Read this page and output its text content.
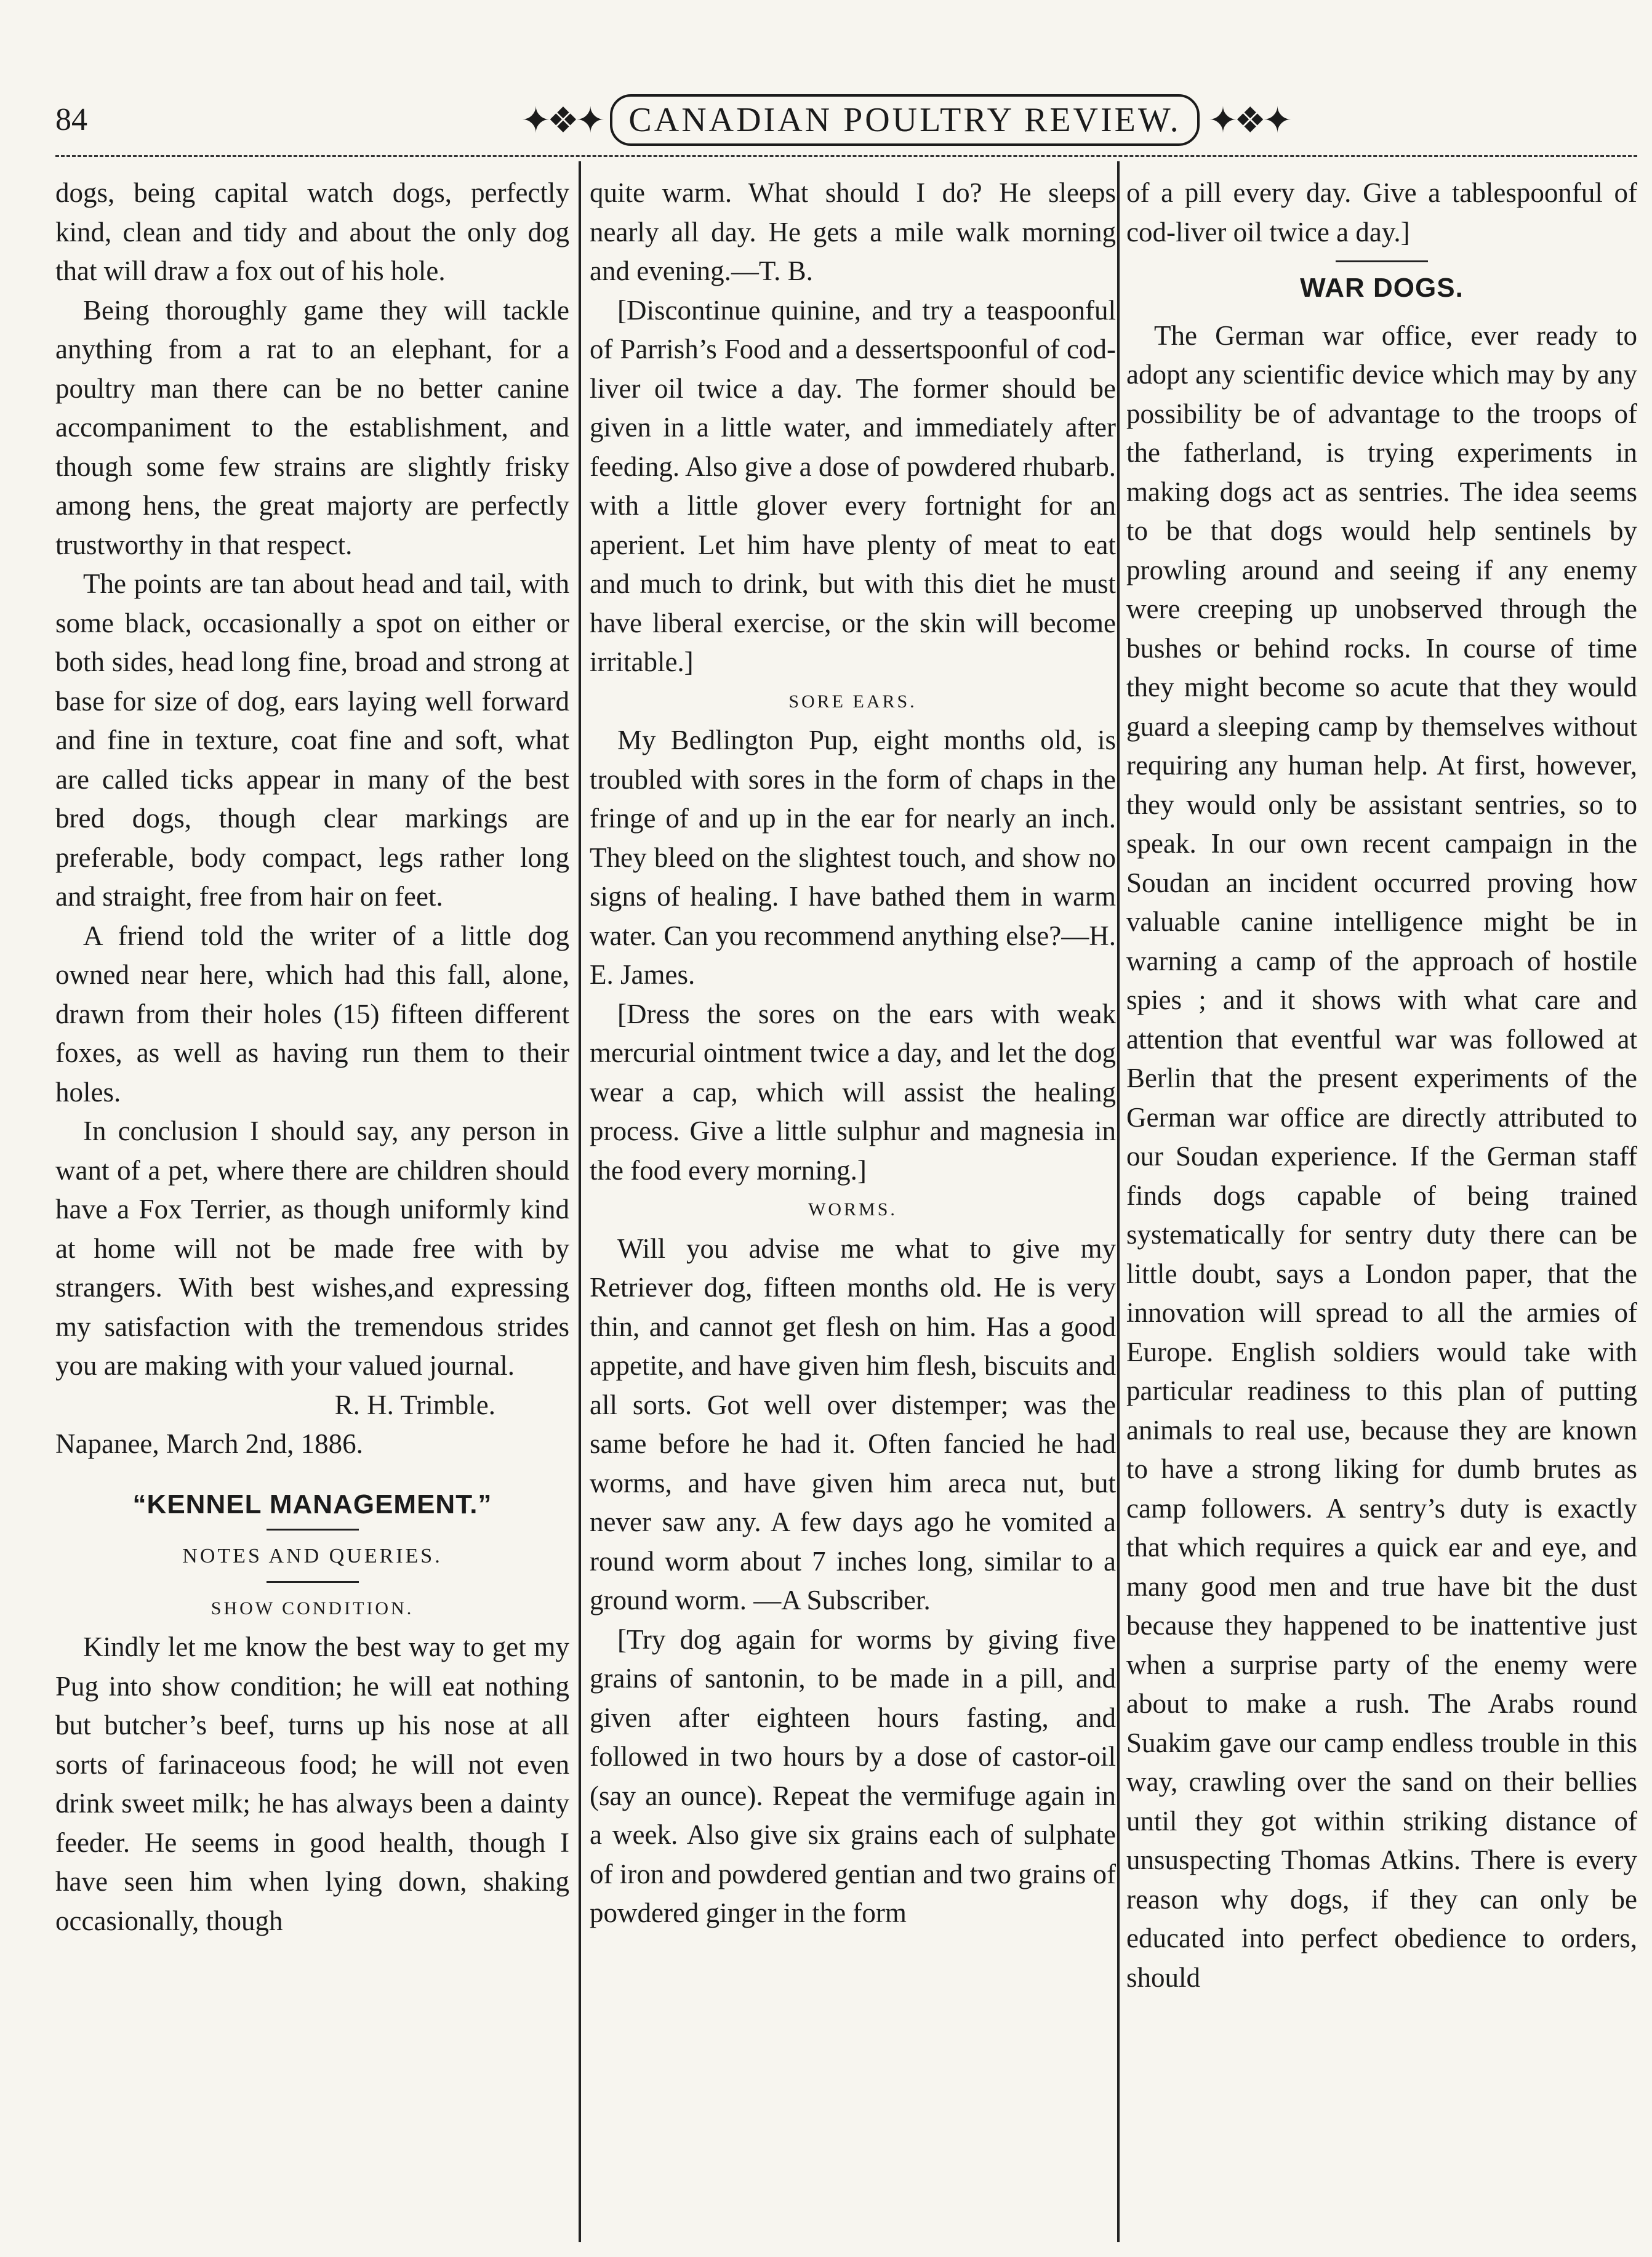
84	✦❖✦ CANADIAN POULTRY REVIEW. ✦❖✦

dogs, being capital watch dogs, perfectly kind, clean and tidy and about the only dog that will draw a fox out of his hole.

Being thoroughly game they will tackle anything from a rat to an elephant, for a poultry man there can be no better canine accompaniment to the establishment, and though some few strains are slightly frisky among hens, the great majorty are perfectly trustworthy in that respect.

The points are tan about head and tail, with some black, occasionally a spot on either or both sides, head long fine, broad and strong at base for size of dog, ears laying well forward and fine in texture, coat fine and soft, what are called ticks appear in many of the best bred dogs, though clear markings are preferable, body compact, legs rather long and straight, free from hair on feet.

A friend told the writer of a little dog owned near here, which had this fall, alone, drawn from their holes (15) fifteen different foxes, as well as having run them to their holes.

In conclusion I should say, any person in want of a pet, where there are children should have a Fox Terrier, as though uniformly kind at home will not be made free with by strangers. With best wishes,and expressing my satisfaction with the tremendous strides you are making with your valued journal.

R. H. Trimble.

Napanee, March 2nd, 1886.

“KENNEL MANAGEMENT.”

NOTES AND QUERIES.

SHOW CONDITION.

Kindly let me know the best way to get my Pug into show condition; he will eat nothing but butcher’s beef, turns up his nose at all sorts of farinaceous food; he will not even drink sweet milk; he has always been a dainty feeder. He seems in good health, though I have seen him when lying down, shaking occasionally, though

quite warm. What should I do? He sleeps nearly all day. He gets a mile walk morning and evening.—T. B.

[Discontinue quinine, and try a teaspoonful of Parrish’s Food and a dessertspoonful of cod-liver oil twice a day. The former should be given in a little water, and immediately after feeding. Also give a dose of powdered rhubarb. with a little glover every fortnight for an aperient. Let him have plenty of meat to eat and much to drink, but with this diet he must have liberal exercise, or the skin will become irritable.]

SORE EARS.

My Bedlington Pup, eight months old, is troubled with sores in the form of chaps in the fringe of and up in the ear for nearly an inch. They bleed on the slightest touch, and show no signs of healing. I have bathed them in warm water. Can you recommend anything else?—H. E. James.

[Dress the sores on the ears with weak mercurial ointment twice a day, and let the dog wear a cap, which will assist the healing process. Give a little sulphur and magnesia in the food every morning.]

WORMS.

Will you advise me what to give my Retriever dog, fifteen months old. He is very thin, and cannot get flesh on him. Has a good appetite, and have given him flesh, biscuits and all sorts. Got well over distemper; was the same before he had it. Often fancied he had worms, and have given him areca nut, but never saw any. A few days ago he vomited a round worm about 7 inches long, similar to a ground worm. —A Subscriber.

[Try dog again for worms by giving five grains of santonin, to be made in a pill, and given after eighteen hours fasting, and followed in two hours by a dose of castor-oil (say an ounce). Repeat the vermifuge again in a week. Also give six grains each of sulphate of iron and powdered gentian and two grains of powdered ginger in the form

of a pill every day. Give a tablespoonful of cod-liver oil twice a day.]

WAR DOGS.

The German war office, ever ready to adopt any scientific device which may by any possibility be of advantage to the troops of the fatherland, is trying experiments in making dogs act as sentries. The idea seems to be that dogs would help sentinels by prowling around and seeing if any enemy were creeping up unobserved through the bushes or behind rocks. In course of time they might become so acute that they would guard a sleeping camp by themselves without requiring any human help. At first, however, they would only be assistant sentries, so to speak. In our own recent campaign in the Soudan an incident occurred proving how valuable canine intelligence might be in warning a camp of the approach of hostile spies ; and it shows with what care and attention that eventful war was followed at Berlin that the present experiments of the German war office are directly attributed to our Soudan experience. If the German staff finds dogs capable of being trained systematically for sentry duty there can be little doubt, says a London paper, that the innovation will spread to all the armies of Europe. English soldiers would take with particular readiness to this plan of putting animals to real use, because they are known to have a strong liking for dumb brutes as camp followers. A sentry’s duty is exactly that which requires a quick ear and eye, and many good men and true have bit the dust because they happened to be inattentive just when a surprise party of the enemy were about to make a rush. The Arabs round Suakim gave our camp endless trouble in this way, crawling over the sand on their bellies until they got within striking distance of unsuspecting Thomas Atkins. There is every reason why dogs, if they can only be educated into perfect obedience to orders, should
